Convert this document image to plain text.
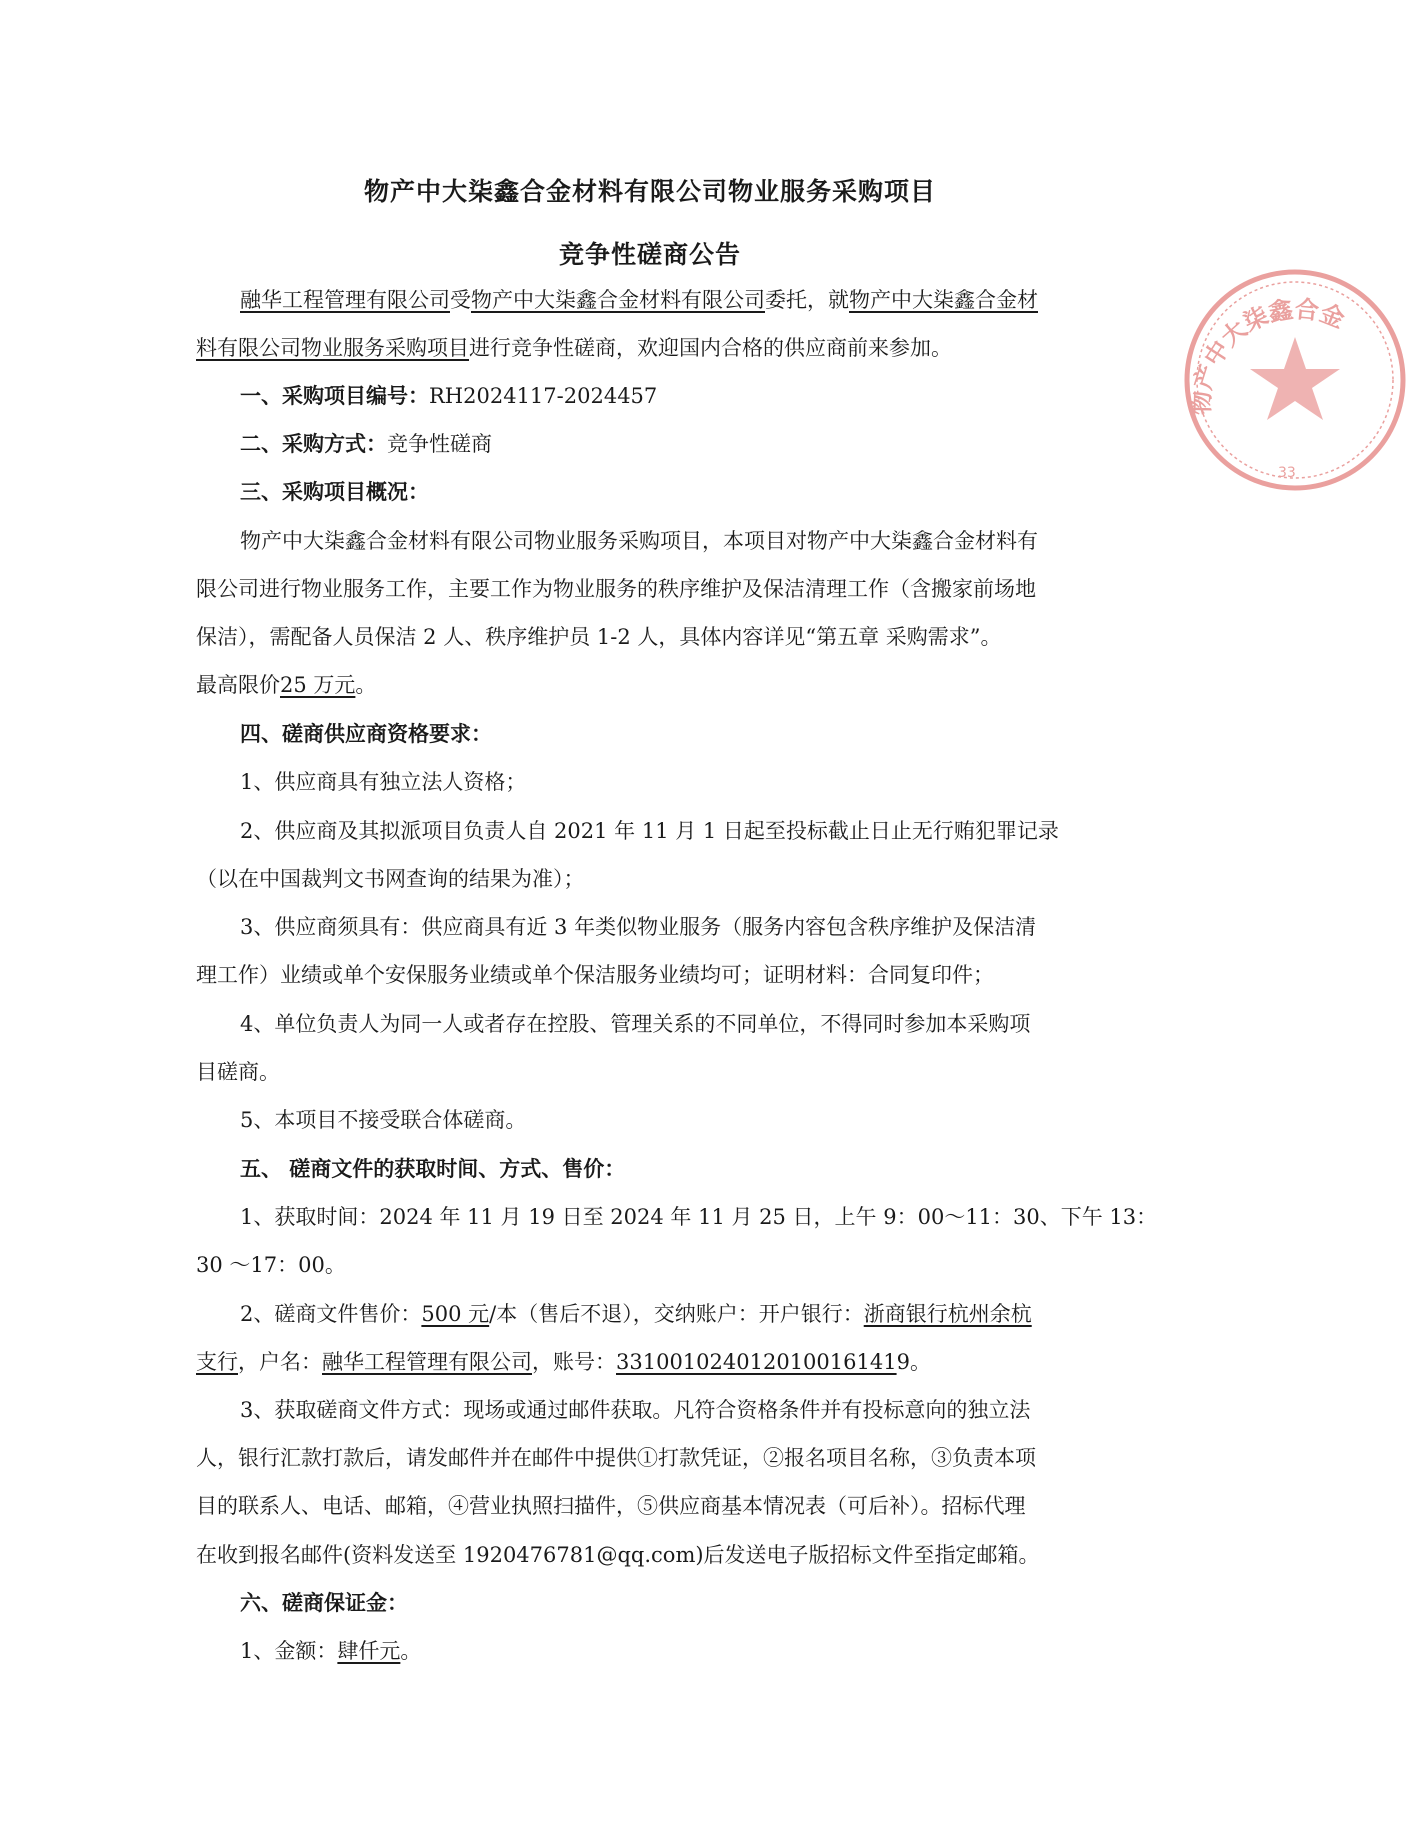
物产中大柒鑫合金材料有限公司物业服务采购项目
竞争性磋商公告
融华工程管理有限公司受物产中大柒鑫合金材料有限公司委托，就物产中大柒鑫合金材
料有限公司物业服务采购项目进行竞争性磋商，欢迎国内合格的供应商前来参加。
一、采购项目编号：RH2024117-2024457
二、采购方式：竞争性磋商
三、采购项目概况：
物产中大柒鑫合金材料有限公司物业服务采购项目，本项目对物产中大柒鑫合金材料有
限公司进行物业服务工作，主要工作为物业服务的秩序维护及保洁清理工作（含搬家前场地
保洁），需配备人员保洁 2 人、秩序维护员 1-2 人，具体内容详见“第五章 采购需求”。
最高限价25 万元。
四、磋商供应商资格要求：
1、供应商具有独立法人资格；
2、供应商及其拟派项目负责人自 2021 年 11 月 1 日起至投标截止日止无行贿犯罪记录
（以在中国裁判文书网查询的结果为准）；
3、供应商须具有：供应商具有近 3 年类似物业服务（服务内容包含秩序维护及保洁清
理工作）业绩或单个安保服务业绩或单个保洁服务业绩均可；证明材料：合同复印件；
4、单位负责人为同一人或者存在控股、管理关系的不同单位，不得同时参加本采购项
目磋商。
5、本项目不接受联合体磋商。
五、 磋商文件的获取时间、方式、售价：
1、获取时间：2024 年 11 月 19 日至 2024 年 11 月 25 日，上午 9：00～11：30、下午 13：
30 ～17：00。
2、磋商文件售价：500 元/本（售后不退），交纳账户：开户银行：浙商银行杭州余杭
支行，户名：融华工程管理有限公司，账号：3310010240120100161419。
3、获取磋商文件方式：现场或通过邮件获取。凡符合资格条件并有投标意向的独立法
人，银行汇款打款后，请发邮件并在邮件中提供①打款凭证，②报名项目名称，③负责本项
目的联系人、电话、邮箱，④营业执照扫描件，⑤供应商基本情况表（可后补）。招标代理
在收到报名邮件(资料发送至 1920476781@qq.com)后发送电子版招标文件至指定邮箱。
六、磋商保证金：
1、金额：肆仟元。
物产中大柒鑫合金
33
